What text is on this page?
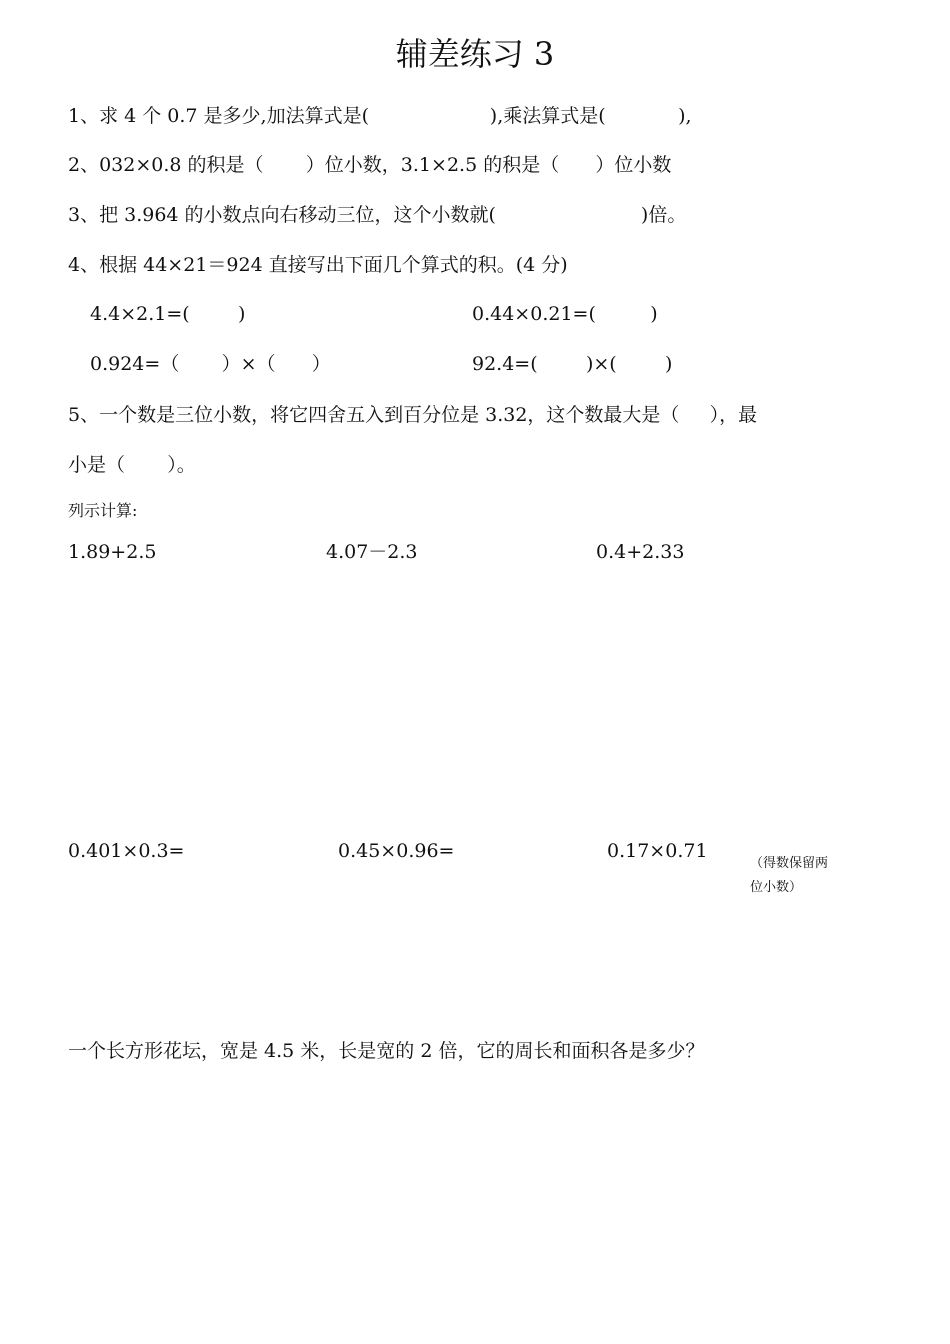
辅差练习 3
1、求 4 个 0.7 是多少,加法算式是(                    ),乘法算式是(            ),
2、032×0.8 的积是（       ）位小数，3.1×2.5 的积是（      ）位小数
3、把 3.964 的小数点向右移动三位，这个小数就(                        )倍。
4、根据 44×21＝924 直接写出下面几个算式的积。(4 分)
4.4×2.1=(        )	0.44×0.21=(         )
0.924=（       ）×（      ）	92.4=(        )×(        )
5、一个数是三位小数，将它四舍五入到百分位是 3.32，这个数最大是（     ），最
小是（       ）。
列示计算:
1.89+2.5	4.07－2.3	0.4+2.33
0.401×0.3=	0.45×0.96=	0.17×0.71
（得数保留两位小数）
一个长方形花坛，宽是 4.5 米，长是宽的 2 倍，它的周长和面积各是多少？
